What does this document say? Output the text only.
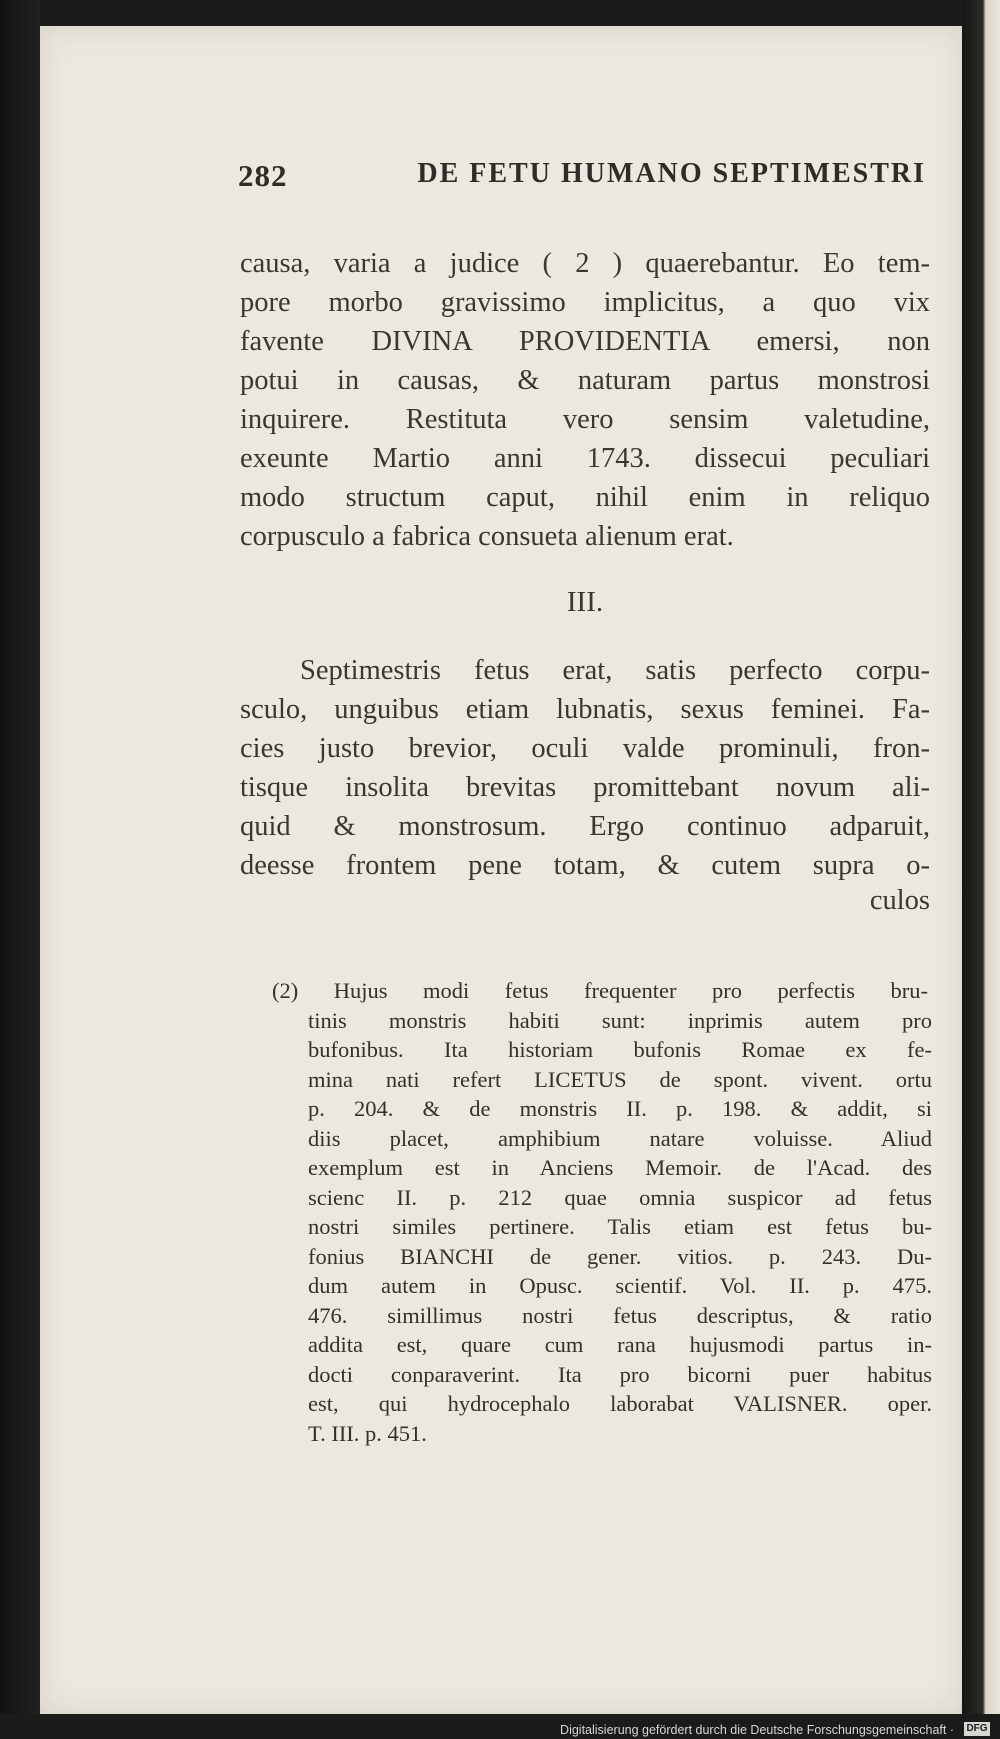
282	DE FETU HUMANO SEPTIMESTRI
causa, varia a judice ( 2 ) quaerebantur. Eo tem-
pore morbo gravissimo implicitus, a quo vix
favente DIVINA PROVIDENTIA emersi, non
potui in causas, & naturam partus monstrosi
inquirere. Restituta vero sensim valetudine,
exeunte Martio anni 1743. dissecui peculiari
modo structum caput, nihil enim in reliquo
corpusculo a fabrica consueta alienum erat.
III.
Septimestris fetus erat, satis perfecto corpu-
sculo, unguibus etiam lubnatis, sexus feminei. Fa-
cies justo brevior, oculi valde prominuli, fron-
tisque insolita brevitas promittebant novum ali-
quid & monstrosum. Ergo continuo adparuit,
deesse frontem pene totam, & cutem supra o-
culos
(2) Hujus modi fetus frequenter pro perfectis bru-
tinis monstris habiti sunt: inprimis autem pro
bufonibus. Ita historiam bufonis Romae ex fe-
mina nati refert LICETUS de spont. vivent. ortu
p. 204. & de monstris II. p. 198. & addit, si
diis placet, amphibium natare voluisse. Aliud
exemplum est in Anciens Memoir. de l'Acad. des
scienc II. p. 212 quae omnia suspicor ad fetus
nostri similes pertinere. Talis etiam est fetus bu-
fonius BIANCHI de gener. vitios. p. 243. Du-
dum autem in Opusc. scientif. Vol. II. p. 475.
476. simillimus nostri fetus descriptus, & ratio
addita est, quare cum rana hujusmodi partus in-
docti conparaverint. Ita pro bicorni puer habitus
est, qui hydrocephalo laborabat VALISNER. oper.
T. III. p. 451.
Digitalisierung gefördert durch die Deutsche Forschungsgemeinschaft · DFG
